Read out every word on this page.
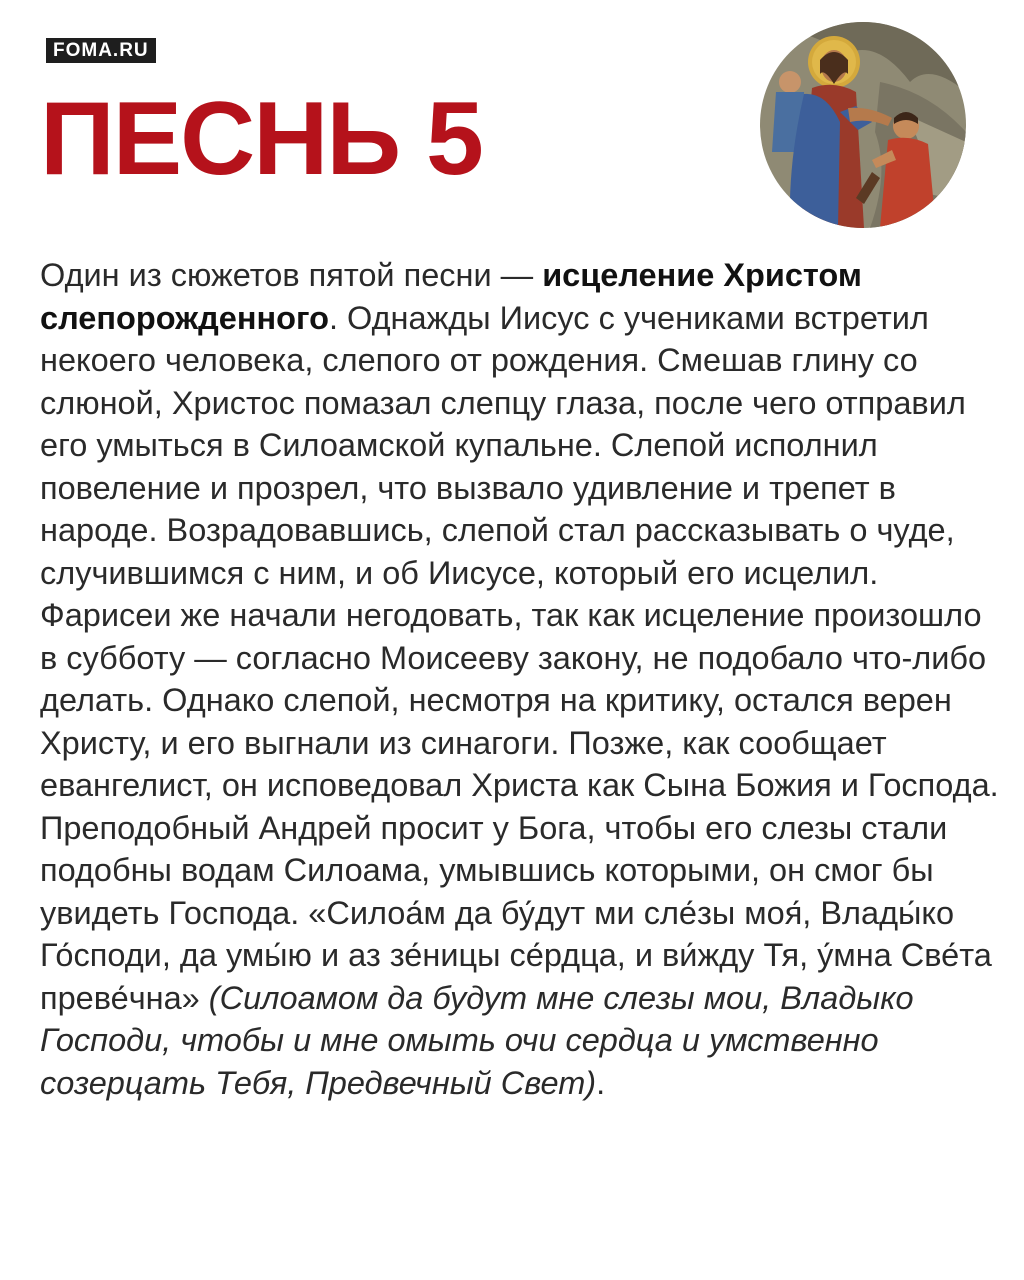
FOMA.RU
ПЕСНЬ 5

Один из сюжетов пятой песни — исцеление Христом слепорожденного. Однажды Иисус с учениками встретил некоего человека, слепого от рождения. Смешав глину со слюной, Христос помазал слепцу глаза, после чего отправил его умыться в Силоамской купальне. Слепой исполнил повеление и прозрел, что вызвало удивление и трепет в народе. Возрадовавшись, слепой стал рассказывать о чуде, случившимся с ним, и об Иисусе, который его исцелил. Фарисеи же начали негодовать, так как исцеление произошло в субботу — согласно Моисееву закону, не подобало что-либо делать. Однако слепой, несмотря на критику, остался верен Христу, и его выгнали из синагоги. Позже, как сообщает евангелист, он исповедовал Христа как Сына Божия и Господа. Преподобный Андрей просит у Бога, чтобы его слезы стали подобны водам Силоама, умывшись которыми, он смог бы увидеть Господа. «Силоа́м да бу́дут ми сле́зы моя́, Влады́ко Го́споди, да умы́ю и аз зе́ницы се́рдца, и ви́жду Тя, у́мна Све́та преве́чна» (Силоамом да будут мне слезы мои, Владыко Господи, чтобы и мне омыть очи сердца и умственно созерцать Тебя, Предвечный Свет).
